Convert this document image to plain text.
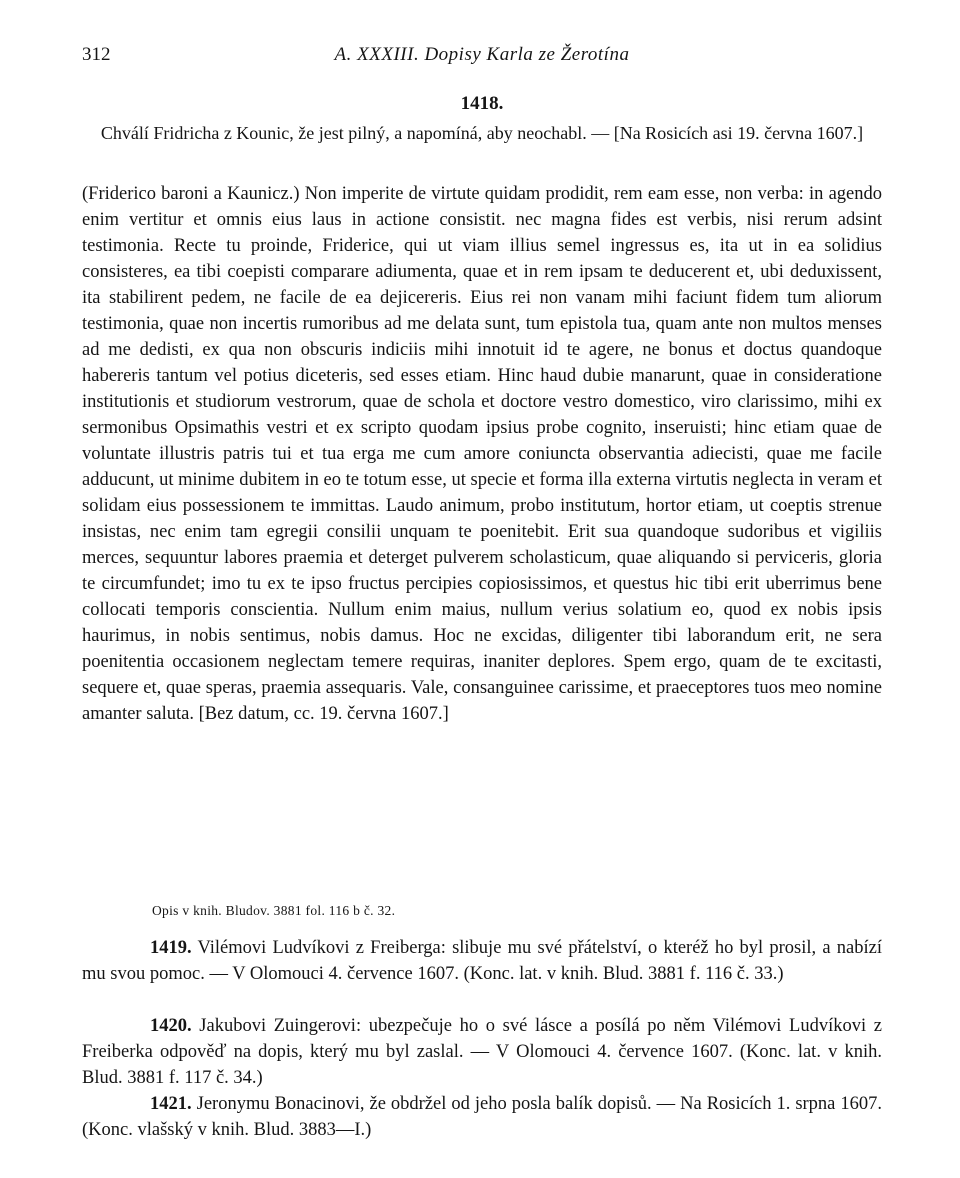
312	A. XXXIII. Dopisy Karla ze Žerotína
1418.
Chválí Fridricha z Kounic, že jest pilný, a napomíná, aby neochabl. — [Na Rosicích asi 19. června 1607.]

(Friderico baroni a Kaunicz.) Non imperite de virtute quidam prodidit, rem eam esse, non verba: in agendo enim vertitur et omnis eius laus in actione consistit. nec magna fides est verbis, nisi rerum adsint testimonia. Recte tu proinde, Friderice, qui ut viam illius semel ingressus es, ita ut in ea solidius consisteres, ea tibi coepisti comparare adiumenta, quae et in rem ipsam te deducerent et, ubi deduxissent, ita stabilirent pedem, ne facile de ea dejicereris. Eius rei non vanam mihi faciunt fidem tum aliorum testimonia, quae non incertis rumoribus ad me delata sunt, tum epistola tua, quam ante non multos menses ad me dedisti, ex qua non obscuris indiciis mihi innotuit id te agere, ne bonus et doctus quandoque habereris tantum vel potius diceteris, sed esses etiam. Hinc haud dubie manarunt, quae in consideratione institutionis et studiorum vestrorum, quae de schola et doctore vestro domestico, viro clarissimo, mihi ex sermonibus Opsimathis vestri et ex scripto quodam ipsius probe cognito, inseruisti; hinc etiam quae de voluntate illustris patris tui et tua erga me cum amore coniuncta observantia adiecisti, quae me facile adducunt, ut minime dubitem in eo te totum esse, ut specie et forma illa externa virtutis neglecta in veram et solidam eius possessionem te immittas. Laudo animum, probo institutum, hortor etiam, ut coeptis strenue insistas, nec enim tam egregii consilii unquam te poenitebit. Erit sua quandoque sudoribus et vigiliis merces, sequuntur labores praemia et deterget pulverem scholasticum, quae aliquando si perviceris, gloria te circumfundet; imo tu ex te ipso fructus percipies copiosissimos, et questus hic tibi erit uberrimus bene collocati temporis conscientia. Nullum enim maius, nullum verius solatium eo, quod ex nobis ipsis haurimus, in nobis sentimus, nobis damus. Hoc ne excidas, diligenter tibi laborandum erit, ne sera poenitentia occasionem neglectam temere requiras, inaniter deplores. Spem ergo, quam de te excitasti, sequere et, quae speras, praemia assequaris. Vale, consanguinee carissime, et praeceptores tuos meo nomine amanter saluta. [Bez datum, cc. 19. června 1607.]

Opis v knih. Bludov. 3881 fol. 116 b č. 32.

1419. Vilémovi Ludvíkovi z Freiberga: slibuje mu své přátelství, o kteréž ho byl prosil, a nabízí mu svou pomoc. — V Olomouci 4. července 1607. (Konc. lat. v knih. Blud. 3881 f. 116 č. 33.)

1420. Jakubovi Zuingerovi: ubezpečuje ho o své lásce a posílá po něm Vilémovi Ludvíkovi z Freiberka odpověď na dopis, který mu byl zaslal. — V Olomouci 4. července 1607. (Konc. lat. v knih. Blud. 3881 f. 117 č. 34.)

1421. Jeronymu Bonacinovi, že obdržel od jeho posla balík dopisů. — Na Rosicích 1. srpna 1607. (Konc. vlašský v knih. Blud. 3883—I.)
